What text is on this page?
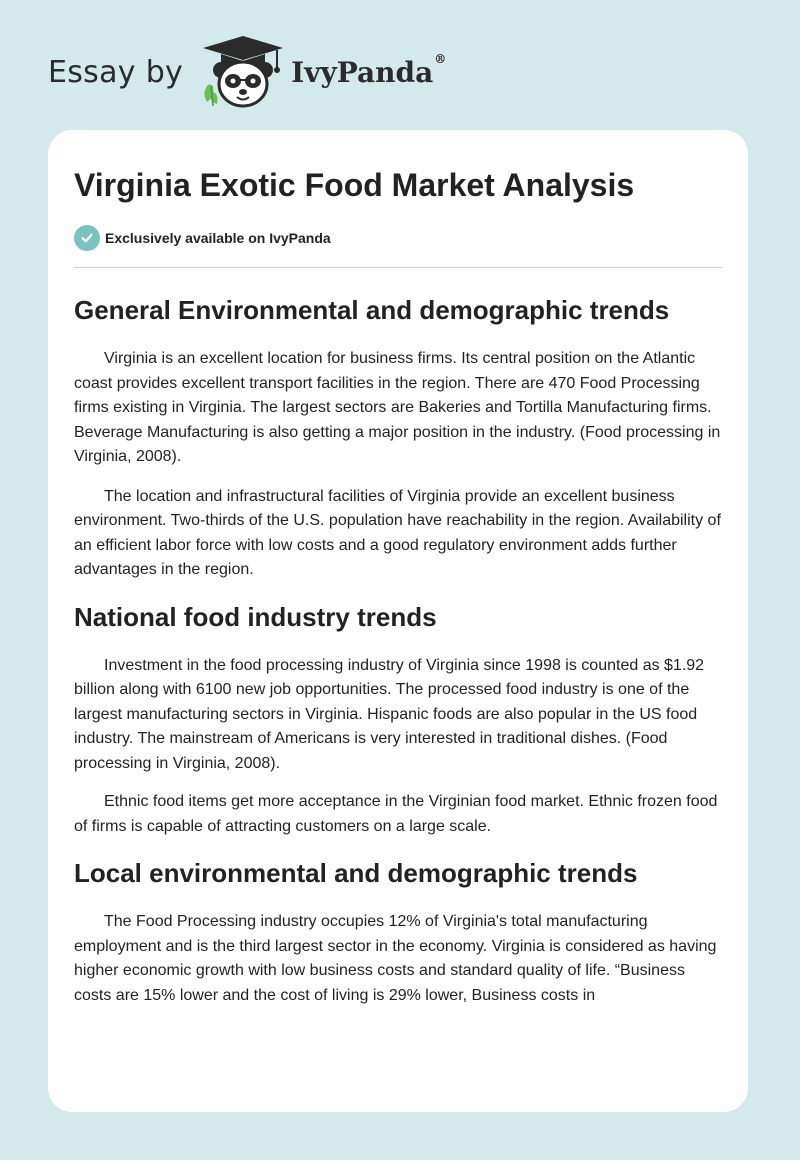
Essay by	IvyPanda®
Virginia Exotic Food Market Analysis
Exclusively available on IvyPanda
General Environmental and demographic trends

Virginia is an excellent location for business firms. Its central position on the Atlantic coast provides excellent transport facilities in the region. There are 470 Food Processing firms existing in Virginia. The largest sectors are Bakeries and Tortilla Manufacturing firms. Beverage Manufacturing is also getting a major position in the industry. (Food processing in Virginia, 2008).

The location and infrastructural facilities of Virginia provide an excellent business environment. Two-thirds of the U.S. population have reachability in the region. Availability of an efficient labor force with low costs and a good regulatory environment adds further advantages in the region.

National food industry trends

Investment in the food processing industry of Virginia since 1998 is counted as $1.92 billion along with 6100 new job opportunities. The processed food industry is one of the largest manufacturing sectors in Virginia. Hispanic foods are also popular in the US food industry. The mainstream of Americans is very interested in traditional dishes. (Food processing in Virginia, 2008).

Ethnic food items get more acceptance in the Virginian food market. Ethnic frozen food of firms is capable of attracting customers on a large scale.

Local environmental and demographic trends

The Food Processing industry occupies 12% of Virginia's total manufacturing employment and is the third largest sector in the economy. Virginia is considered as having higher economic growth with low business costs and standard quality of life. “Business costs are 15% lower and the cost of living is 29% lower, Business costs in
